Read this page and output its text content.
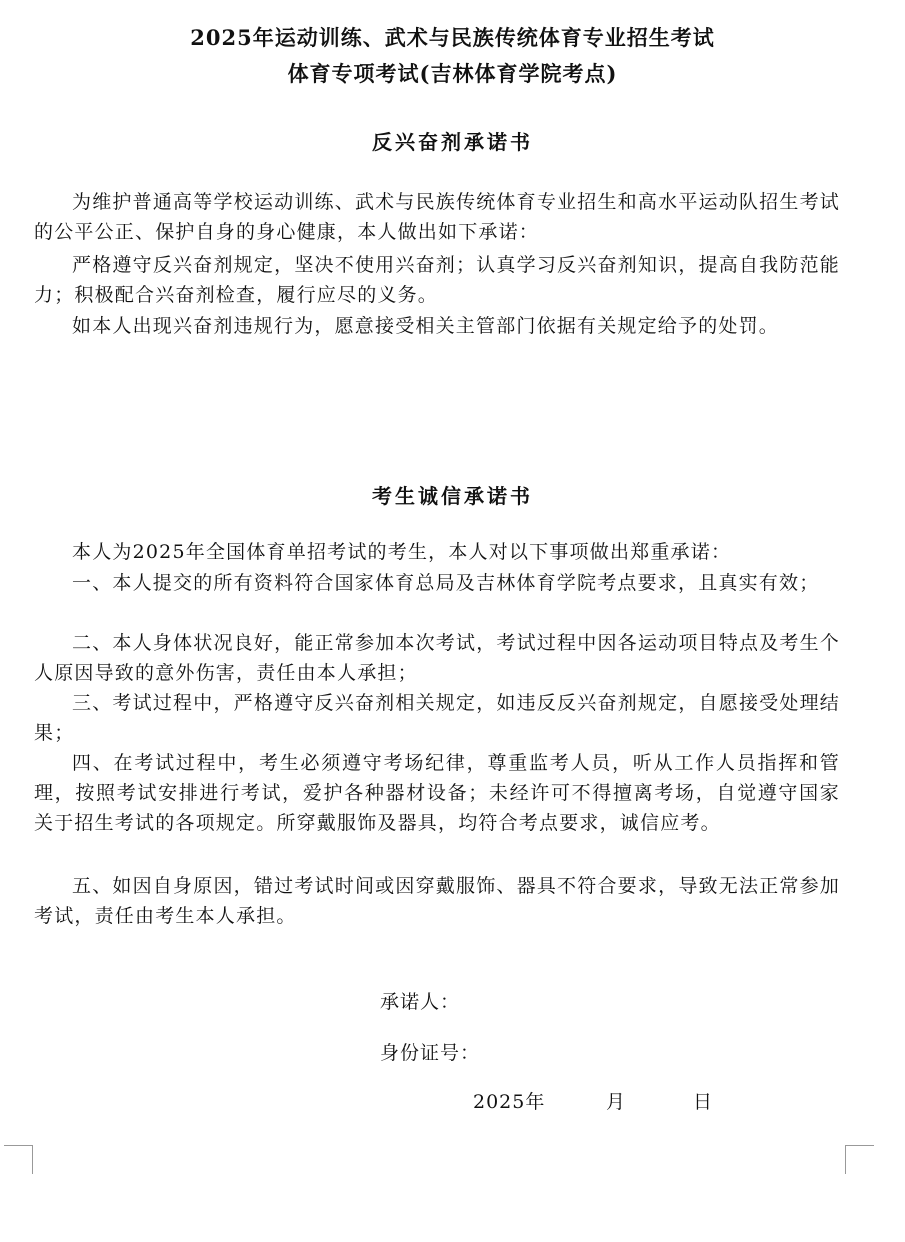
2025年运动训练、武术与民族传统体育专业招生考试
体育专项考试(吉林体育学院考点)
反兴奋剂承诺书

为维护普通高等学校运动训练、武术与民族传统体育专业招生和高水平运动队招生考试的公平公正、保护自身的身心健康，本人做出如下承诺：

严格遵守反兴奋剂规定，坚决不使用兴奋剂；认真学习反兴奋剂知识，提高自我防范能力；积极配合兴奋剂检查，履行应尽的义务。

如本人出现兴奋剂违规行为，愿意接受相关主管部门依据有关规定给予的处罚。

考生诚信承诺书

本人为2025年全国体育单招考试的考生，本人对以下事项做出郑重承诺：

一、本人提交的所有资料符合国家体育总局及吉林体育学院考点要求，且真实有效；

二、本人身体状况良好，能正常参加本次考试，考试过程中因各运动项目特点及考生个人原因导致的意外伤害，责任由本人承担；

三、考试过程中，严格遵守反兴奋剂相关规定，如违反反兴奋剂规定，自愿接受处理结果；

四、在考试过程中，考生必须遵守考场纪律，尊重监考人员，听从工作人员指挥和管理，按照考试安排进行考试，爱护各种器材设备；未经许可不得擅离考场，自觉遵守国家关于招生考试的各项规定。所穿戴服饰及器具，均符合考点要求，诚信应考。

五、如因自身原因，错过考试时间或因穿戴服饰、器具不符合要求，导致无法正常参加考试，责任由考生本人承担。

承诺人：
身份证号：
2025年	月	日
